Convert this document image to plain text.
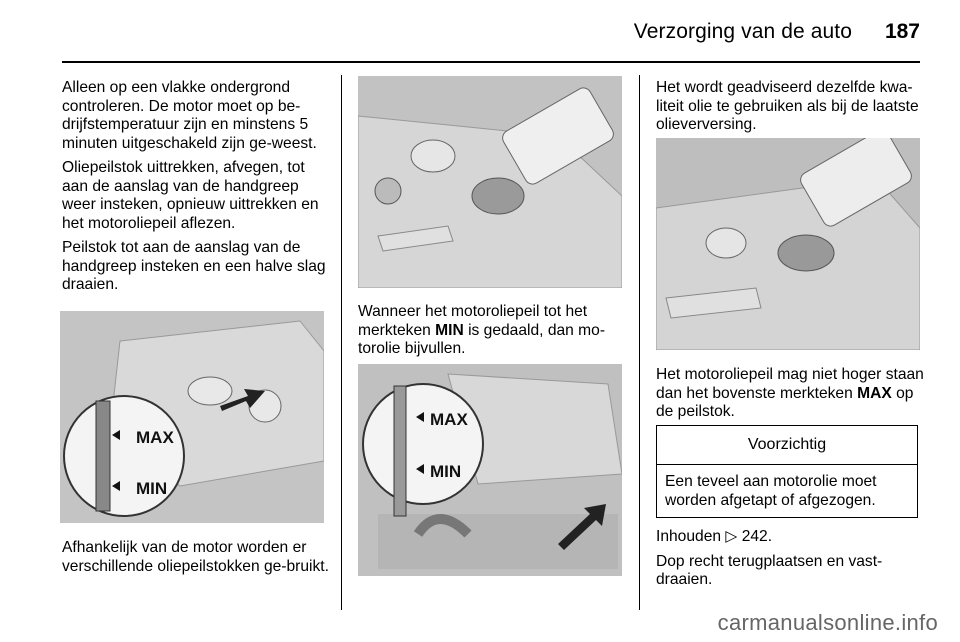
Verzorging van de auto 187

Alleen op een vlakke ondergrond controleren. De motor moet op be-drijfstemperatuur zijn en minstens 5 minuten uitgeschakeld zijn ge-weest.

Oliepeilstok uittrekken, afvegen, tot aan de aanslag van de handgreep weer insteken, opnieuw uittrekken en het motoroliepeil aflezen.

Peilstok tot aan de aanslag van de handgreep insteken en een halve slag draaien.

MAX
MIN

Afhankelijk van de motor worden er verschillende oliepeilstokken ge-bruikt.

Wanneer het motoroliepeil tot het merkteken MIN is gedaald, dan mo-torolie bijvullen.

MAX
MIN

Het wordt geadviseerd dezelfde kwa-liteit olie te gebruiken als bij de laatste olieverversing.

Het motoroliepeil mag niet hoger staan dan het bovenste merkteken MAX op de peilstok.

Voorzichtig
Een teveel aan motorolie moet worden afgetapt of afgezogen.

Inhouden ▷ 242.

Dop recht terugplaatsen en vast-draaien.

carmanualsonline.info
